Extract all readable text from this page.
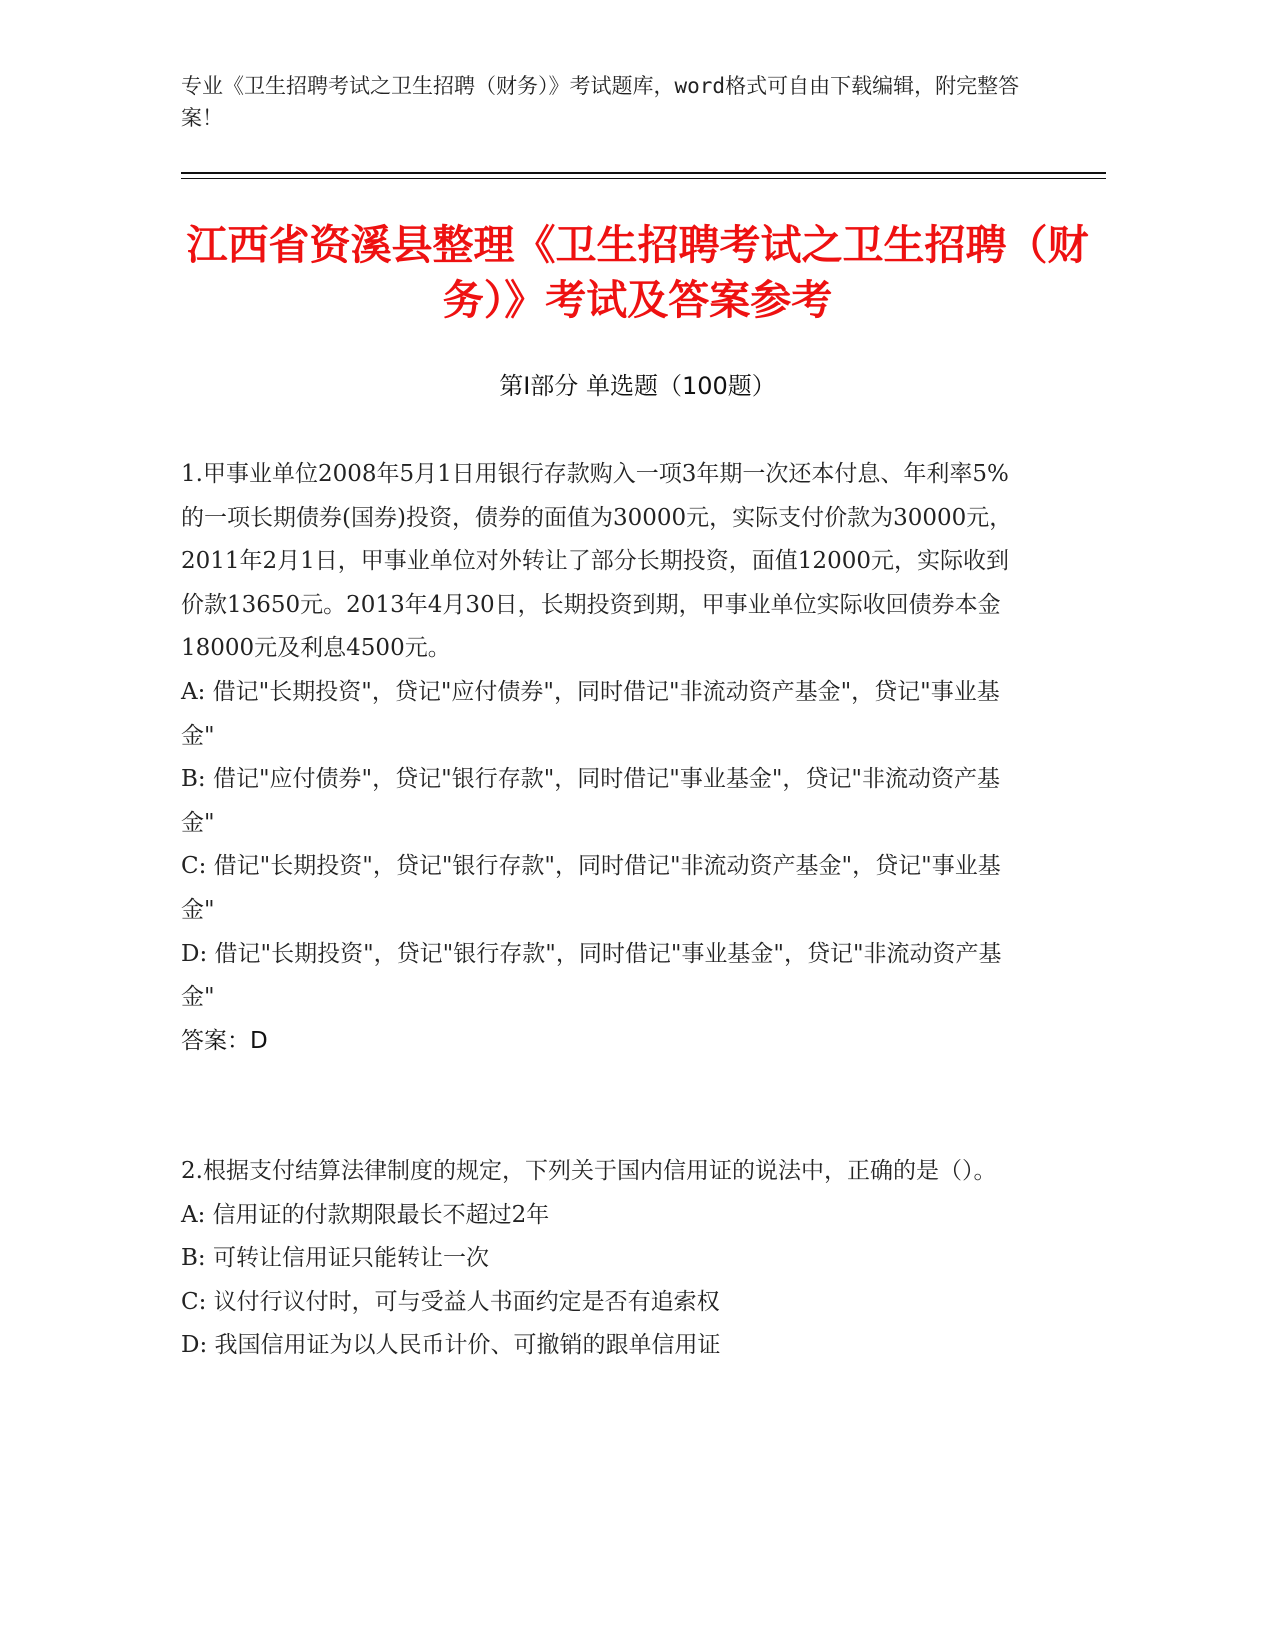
专业《卫生招聘考试之卫生招聘（财务）》考试题库，word格式可自由下载编辑，附完整答案！
江西省资溪县整理《卫生招聘考试之卫生招聘（财务）》考试及答案参考
第Ⅰ部分 单选题（100题）

1.甲事业单位2008年5月1日用银行存款购入一项3年期一次还本付息、年利率5%的一项长期债券(国券)投资，债券的面值为30000元，实际支付价款为30000元，2011年2月1日，甲事业单位对外转让了部分长期投资，面值12000元，实际收到价款13650元。2013年4月30日，长期投资到期，甲事业单位实际收回债券本金18000元及利息4500元。

A: 借记"长期投资"，贷记"应付债券"，同时借记"非流动资产基金"，贷记"事业基金"

B: 借记"应付债券"，贷记"银行存款"，同时借记"事业基金"，贷记"非流动资产基金"

C: 借记"长期投资"，贷记"银行存款"，同时借记"非流动资产基金"，贷记"事业基金"

D: 借记"长期投资"，贷记"银行存款"，同时借记"事业基金"，贷记"非流动资产基金"

答案：D

2.根据支付结算法律制度的规定，下列关于国内信用证的说法中，正确的是（）。

A: 信用证的付款期限最长不超过2年

B: 可转让信用证只能转让一次

C: 议付行议付时，可与受益人书面约定是否有追索权

D: 我国信用证为以人民币计价、可撤销的跟单信用证
